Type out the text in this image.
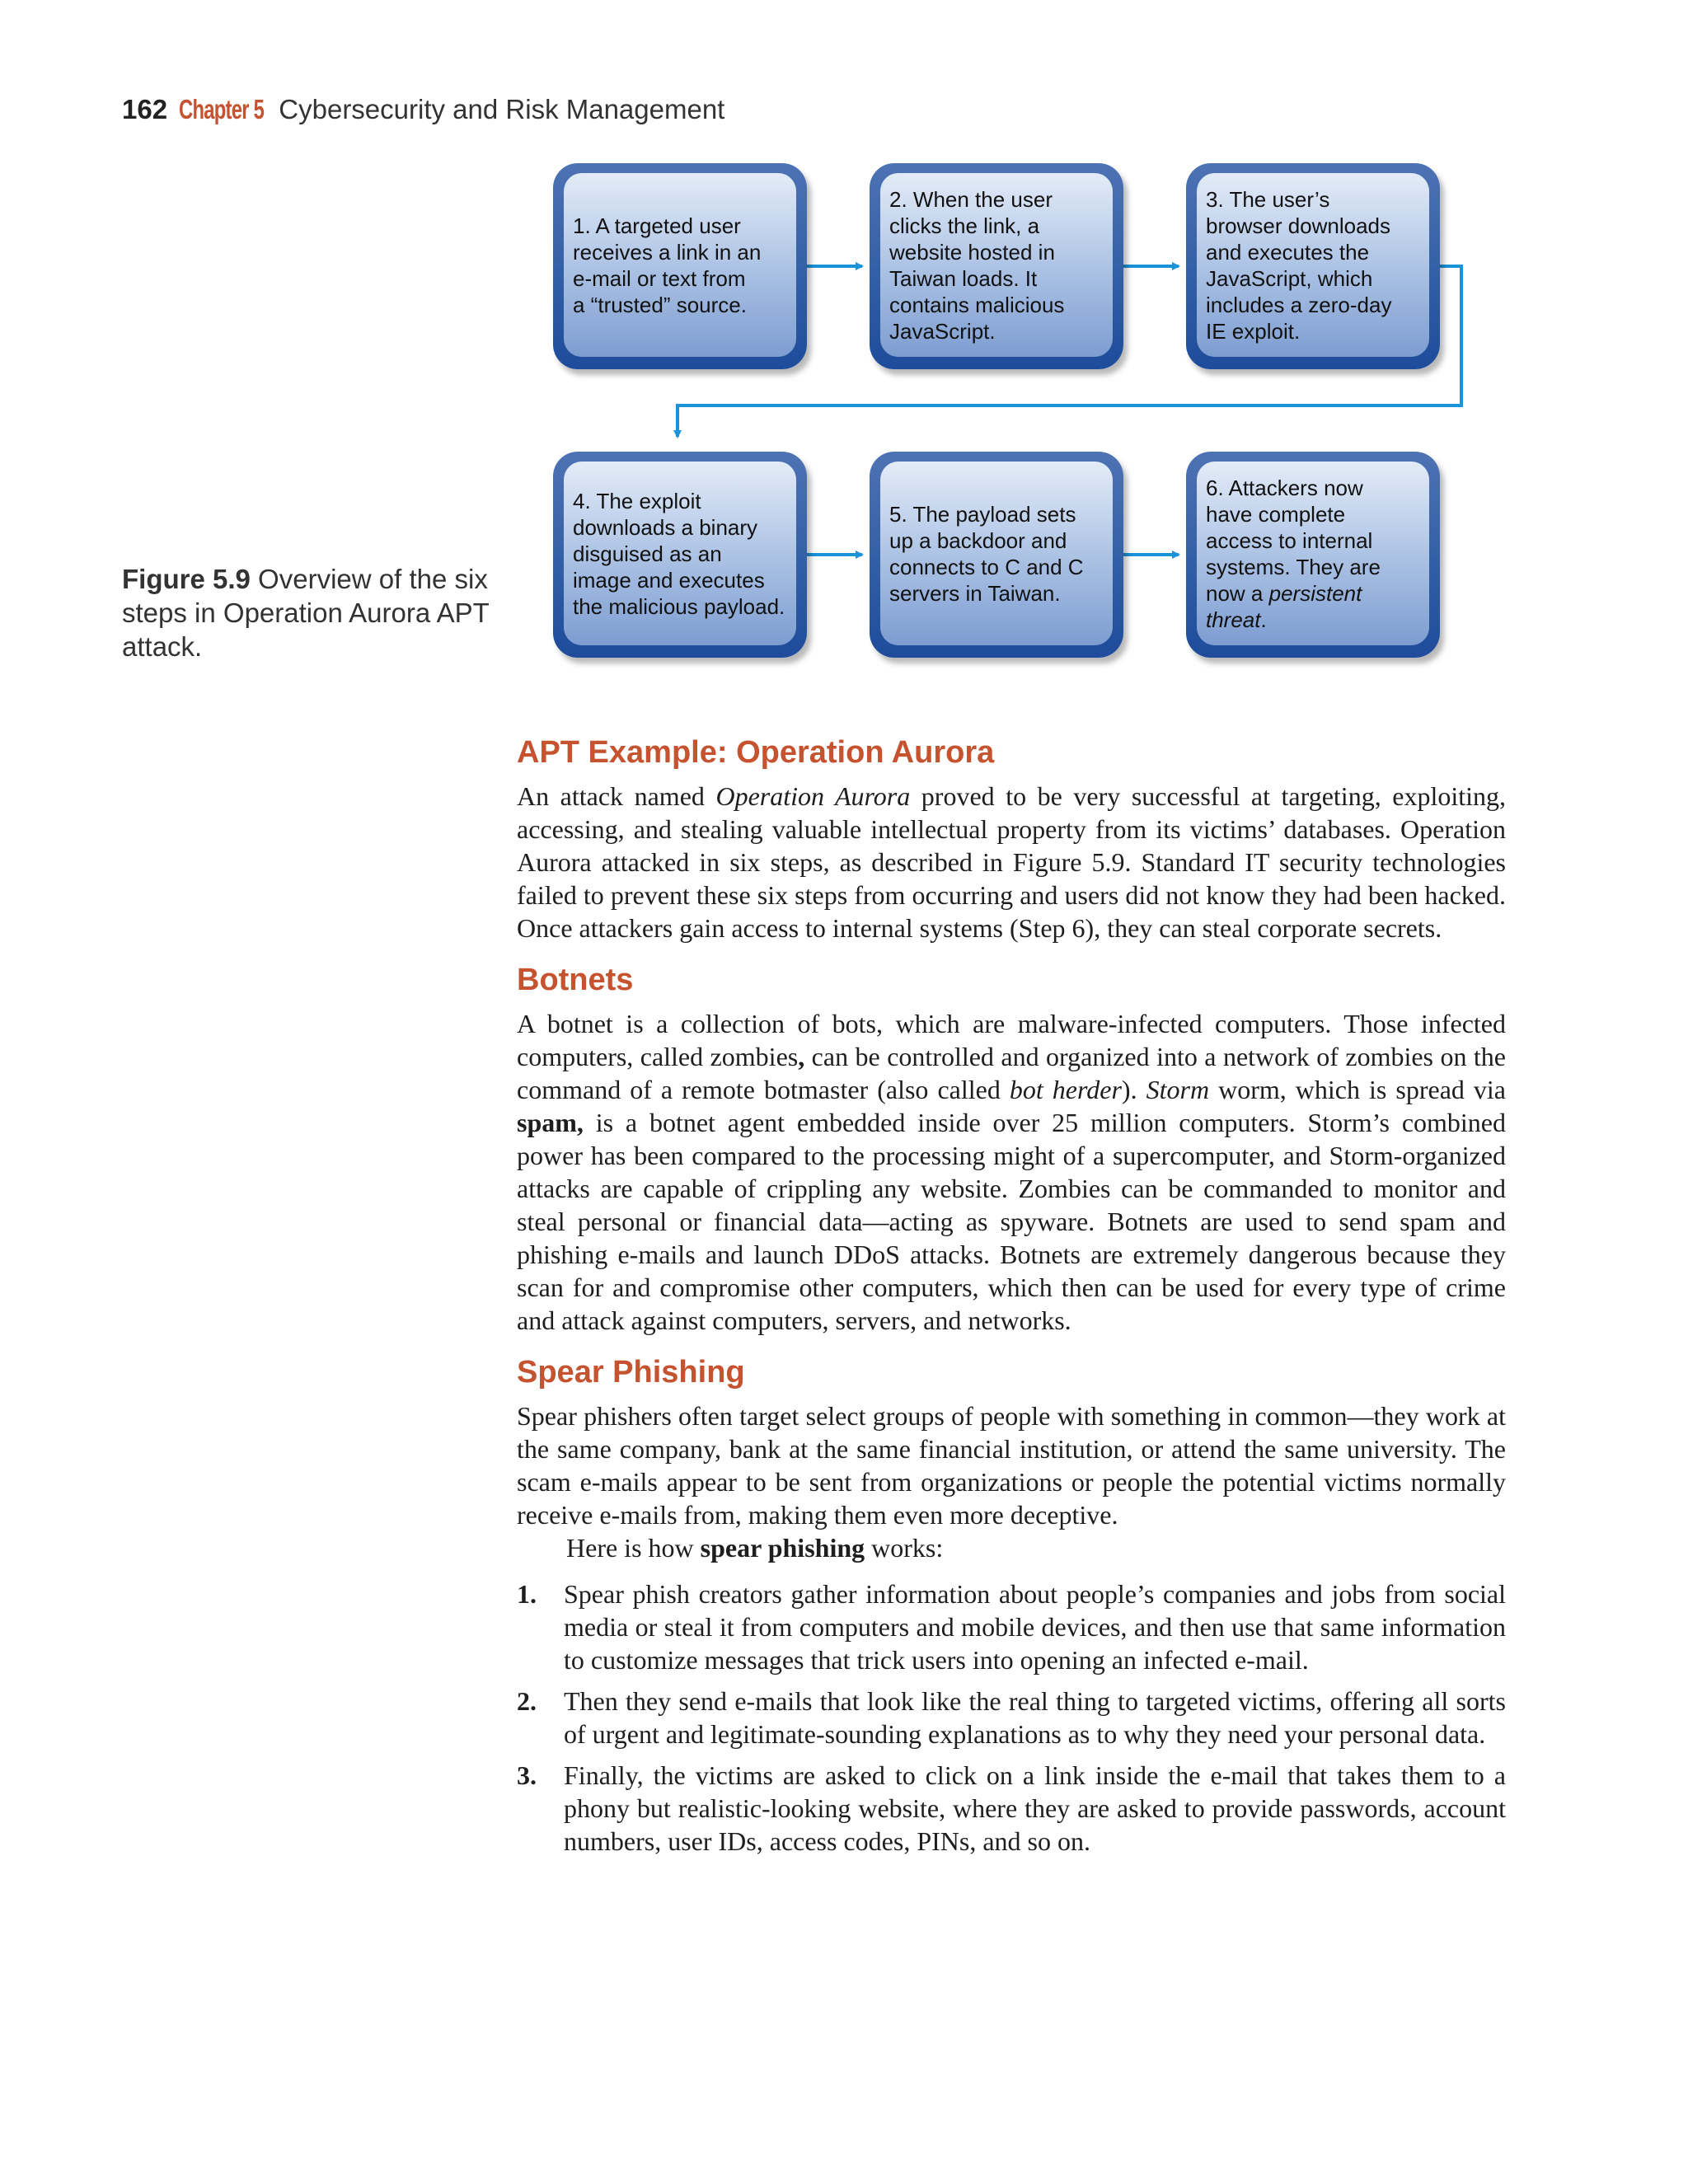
162 Chapter 5 Cybersecurity and Risk Management
1. A targeted user
receives a link in an
e-mail or text from
a “trusted” source.
2. When the user
clicks the link, a
website hosted in
Taiwan loads. It
contains malicious
JavaScript.
3. The user’s
browser downloads
and executes the
JavaScript, which
includes a zero-day
IE exploit.
4. The exploit
downloads a binary
disguised as an
image and executes
the malicious payload.
5. The payload sets
up a backdoor and
connects to C and C
servers in Taiwan.
6. Attackers now
have complete
access to internal
systems. They are
now a persistent
threat.
Figure 5.9 Overview of the six steps in Operation Aurora APT attack.
APT Example: Operation Aurora

An attack named Operation Aurora proved to be very successful at targeting, exploiting, accessing, and stealing valuable intellectual property from its victims’ databases. Operation Aurora attacked in six steps, as described in Figure 5.9. Standard IT security technologies failed to prevent these six steps from occurring and users did not know they had been hacked. Once attackers gain access to internal systems (Step 6), they can steal corporate secrets.

Botnets

A botnet is a collection of bots, which are malware-infected computers. Those infected computers, called zombies, can be controlled and organized into a network of zombies on the command of a remote botmaster (also called bot herder). Storm worm, which is spread via spam, is a botnet agent embedded inside over 25 million computers. Storm’s combined power has been compared to the processing might of a supercomputer, and Storm-organized attacks are capable of crippling any website. Zombies can be commanded to monitor and steal personal or financial data—acting as spyware. Botnets are used to send spam and phishing e-mails and launch DDoS attacks. Botnets are extremely dangerous because they scan for and compromise other computers, which then can be used for every type of crime and attack against computers, servers, and networks.

Spear Phishing

Spear phishers often target select groups of people with something in common—they work at the same company, bank at the same financial institution, or attend the same university. The scam e-mails appear to be sent from organizations or people the potential victims normally receive e-mails from, making them even more deceptive.

Here is how spear phishing works:

1. Spear phish creators gather information about people’s companies and jobs from social media or steal it from computers and mobile devices, and then use that same information to customize messages that trick users into opening an infected e-mail.
2. Then they send e-mails that look like the real thing to targeted victims, offering all sorts of urgent and legitimate-sounding explanations as to why they need your personal data.
3. Finally, the victims are asked to click on a link inside the e-mail that takes them to a phony but realistic-looking website, where they are asked to provide passwords, account numbers, user IDs, access codes, PINs, and so on.
